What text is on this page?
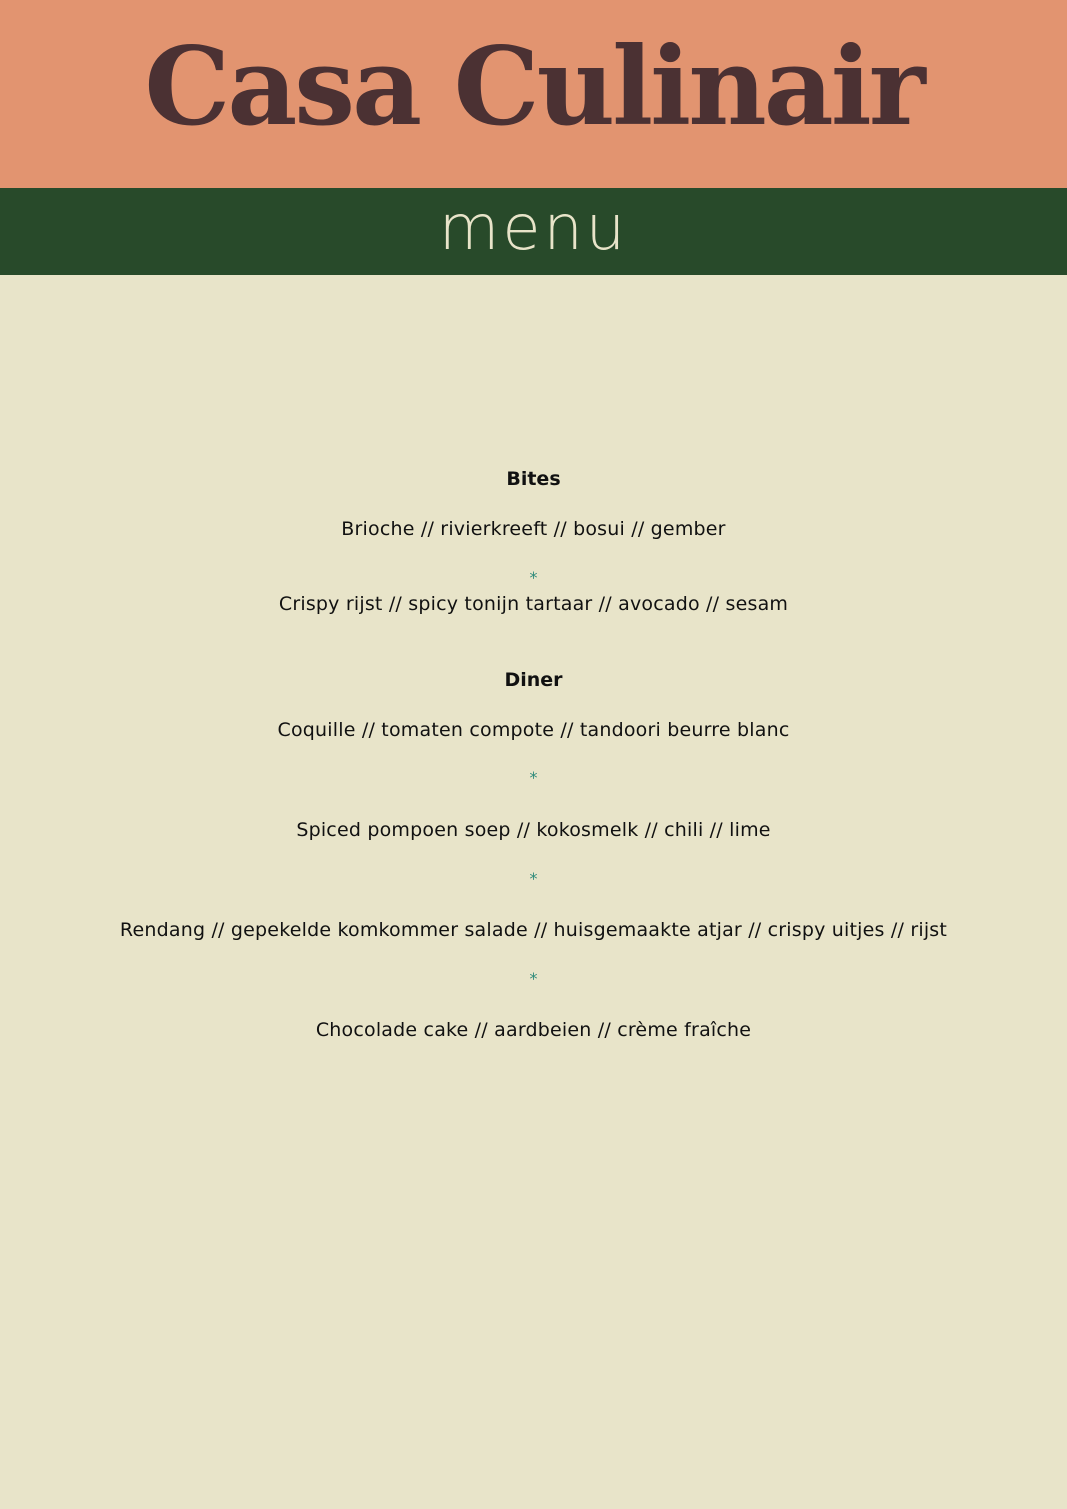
Casa Culinair
menu
Bites

Brioche // rivierkreeft // bosui // gember

*

Crispy rijst // spicy tonijn tartaar // avocado // sesam

Diner

Coquille // tomaten compote // tandoori beurre blanc

*

Spiced pompoen soep // kokosmelk // chili // lime

*

Rendang // gepekelde komkommer salade // huisgemaakte atjar // crispy uitjes // rijst

*

Chocolade cake // aardbeien // crème fraîche
